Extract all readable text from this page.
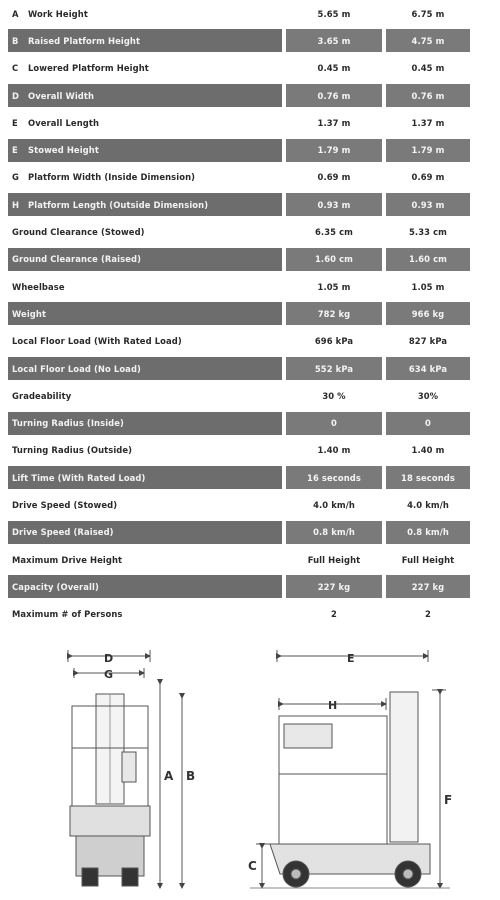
A	Work Height	5.65 m	6.75 m
B	Raised Platform Height	3.65 m	4.75 m
C	Lowered Platform Height	0.45 m	0.45 m
D	Overall Width	0.76 m	0.76 m
E	Overall Length	1.37 m	1.37 m
E	Stowed Height	1.79 m	1.79 m
G	Platform Width (Inside Dimension)	0.69 m	0.69 m
H	Platform Length (Outside Dimension)	0.93 m	0.93 m
Ground Clearance (Stowed)	6.35 cm	5.33 cm
Ground Clearance (Raised)	1.60 cm	1.60 cm
Wheelbase	1.05 m	1.05 m
Weight	782 kg	966 kg
Local Floor Load (With Rated Load)	696 kPa	827 kPa
Local Floor Load (No Load)	552 kPa	634 kPa
Gradeability	30 %	30%
Turning Radius (Inside)	0	0
Turning Radius (Outside)	1.40 m	1.40 m
Lift Time (With Rated Load)	16 seconds	18 seconds
Drive Speed (Stowed)	4.0 km/h	4.0 km/h
Drive Speed (Raised)	0.8 km/h	0.8 km/h
Maximum Drive Height	Full Height	Full Height
Capacity (Overall)	227 kg	227 kg
Maximum # of Persons	2	2
D
G
A B
E
H
F
C
